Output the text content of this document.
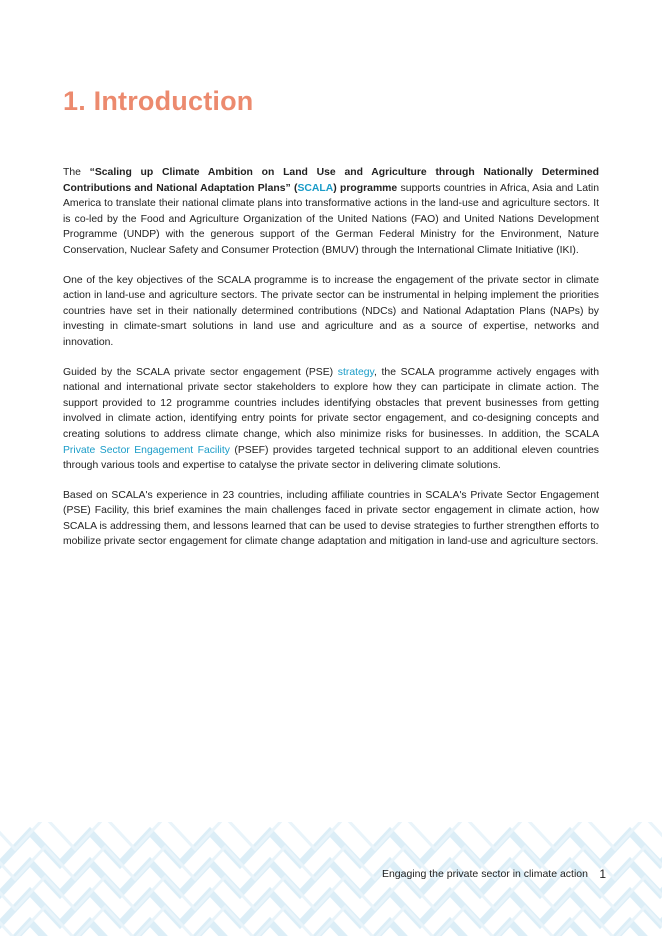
1. Introduction

The “Scaling up Climate Ambition on Land Use and Agriculture through Nationally Determined Contributions and National Adaptation Plans” (SCALA) programme supports countries in Africa, Asia and Latin America to translate their national climate plans into transformative actions in the land-use and agriculture sectors. It is co-led by the Food and Agriculture Organization of the United Nations (FAO) and United Nations Development Programme (UNDP) with the generous support of the German Federal Ministry for the Environment, Nature Conservation, Nuclear Safety and Consumer Protection (BMUV) through the International Climate Initiative (IKI).

One of the key objectives of the SCALA programme is to increase the engagement of the private sector in climate action in land-use and agriculture sectors. The private sector can be instrumental in helping implement the priorities countries have set in their nationally determined contributions (NDCs) and National Adaptation Plans (NAPs) by investing in climate-smart solutions in land use and agriculture and as a source of expertise, networks and innovation.

Guided by the SCALA private sector engagement (PSE) strategy, the SCALA programme actively engages with national and international private sector stakeholders to explore how they can participate in climate action. The support provided to 12 programme countries includes identifying obstacles that prevent businesses from getting involved in climate action, identifying entry points for private sector engagement, and co-designing concepts and creating solutions to address climate change, which also minimize risks for businesses. In addition, the SCALA Private Sector Engagement Facility (PSEF) provides targeted technical support to an additional eleven countries through various tools and expertise to catalyse the private sector in delivering climate solutions.

Based on SCALA's experience in 23 countries, including affiliate countries in SCALA's Private Sector Engagement (PSE) Facility, this brief examines the main challenges faced in private sector engagement in climate action, how SCALA is addressing them, and lessons learned that can be used to devise strategies to further strengthen efforts to mobilize private sector engagement for climate change adaptation and mitigation in land-use and agriculture sectors.

Engaging the private sector in climate action 1
